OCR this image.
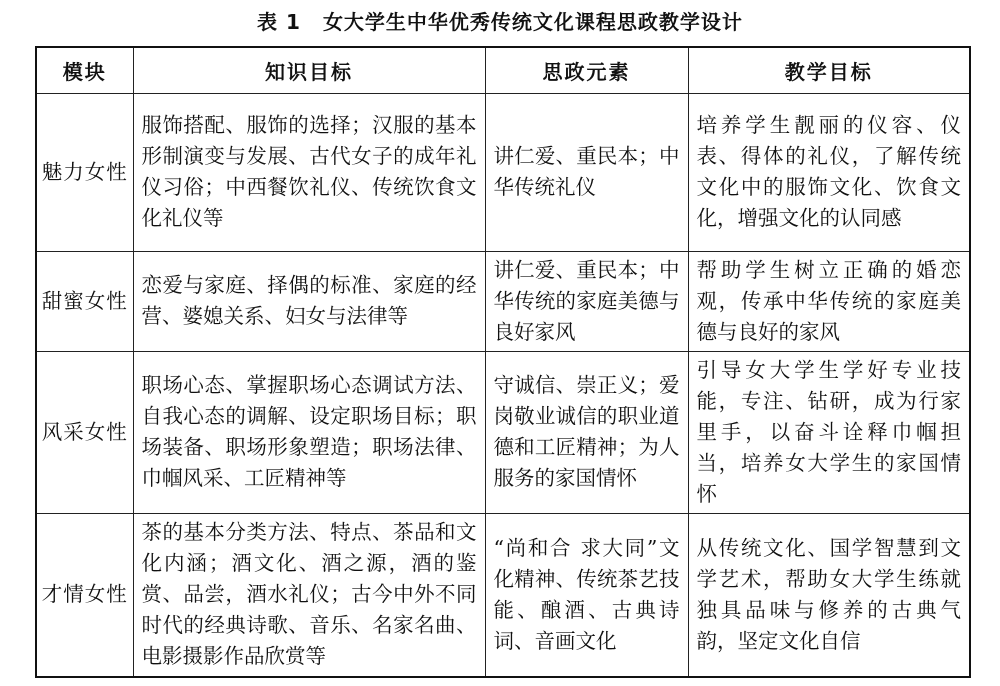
表 1 女大学生中华优秀传统文化课程思政教学设计
模块	知识目标	思政元素	教学目标
魅力女性	服饰搭配、服饰的选择；汉服的基本形制演变与发展、古代女子的成年礼仪习俗；中西餐饮礼仪、传统饮食文化礼仪等	讲仁爱、重民本；中华传统礼仪	培养学生靓丽的仪容、仪表、得体的礼仪，了解传统文化中的服饰文化、饮食文化，增强文化的认同感
甜蜜女性	恋爱与家庭、择偶的标准、家庭的经营、婆媳关系、妇女与法律等	讲仁爱、重民本；中华传统的家庭美德与良好家风	帮助学生树立正确的婚恋观，传承中华传统的家庭美德与良好的家风
风采女性	职场心态、掌握职场心态调试方法、自我心态的调解、设定职场目标；职场装备、职场形象塑造；职场法律、巾帼风采、工匠精神等	守诚信、崇正义；爱岗敬业诚信的职业道德和工匠精神；为人服务的家国情怀	引导女大学生学好专业技能，专注、钻研，成为行家里手，以奋斗诠释巾帼担当，培养女大学生的家国情怀
才情女性	茶的基本分类方法、特点、茶品和文化内涵；酒文化、酒之源，酒的鉴赏、品尝，酒水礼仪；古今中外不同时代的经典诗歌、音乐、名家名曲、电影摄影作品欣赏等	“尚和合 求大同”文化精神、传统茶艺技能、酿酒、古典诗词、音画文化	从传统文化、国学智慧到文学艺术，帮助女大学生练就独具品味与修养的古典气韵，坚定文化自信
